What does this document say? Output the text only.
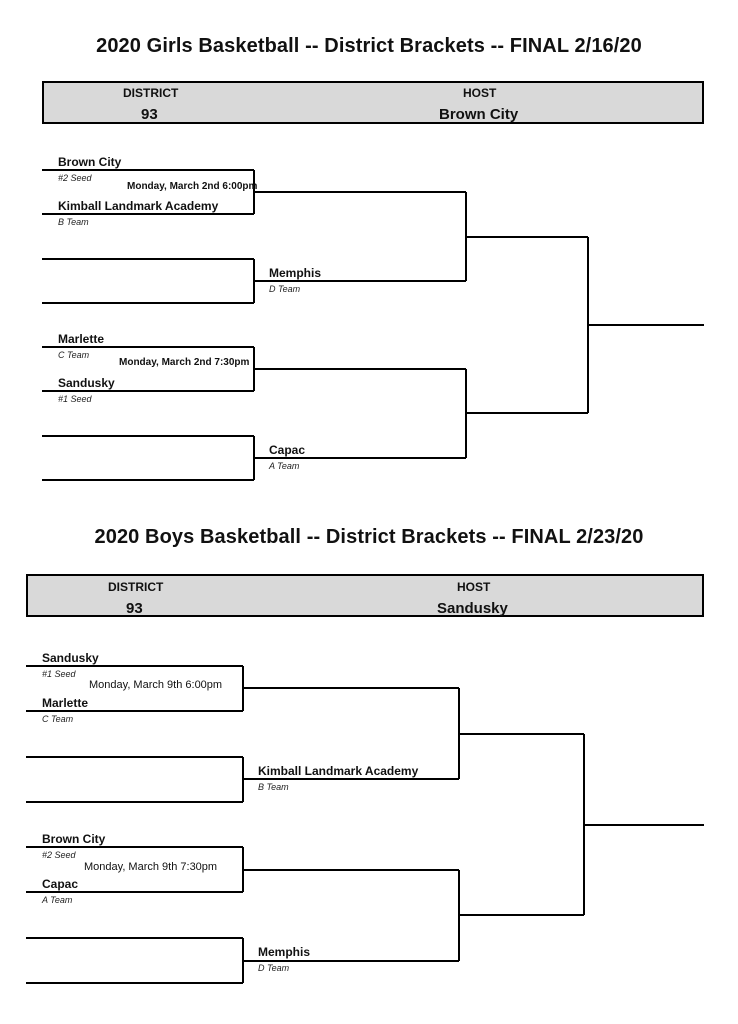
2020 Girls Basketball -- District Brackets -- FINAL 2/16/20
DISTRICT
93
HOST
Brown City
Brown City
#2 Seed
Monday, March 2nd 6:00pm
Kimball Landmark Academy
B Team
Memphis
D Team
Marlette
C Team
Monday, March 2nd 7:30pm
Sandusky
#1 Seed
Capac
A Team
2020 Boys Basketball -- District Brackets -- FINAL 2/23/20
DISTRICT
93
HOST
Sandusky
Sandusky
#1 Seed
Monday, March 9th 6:00pm
Marlette
C Team
Kimball Landmark Academy
B Team
Brown City
#2 Seed
Monday, March 9th 7:30pm
Capac
A Team
Memphis
D Team
